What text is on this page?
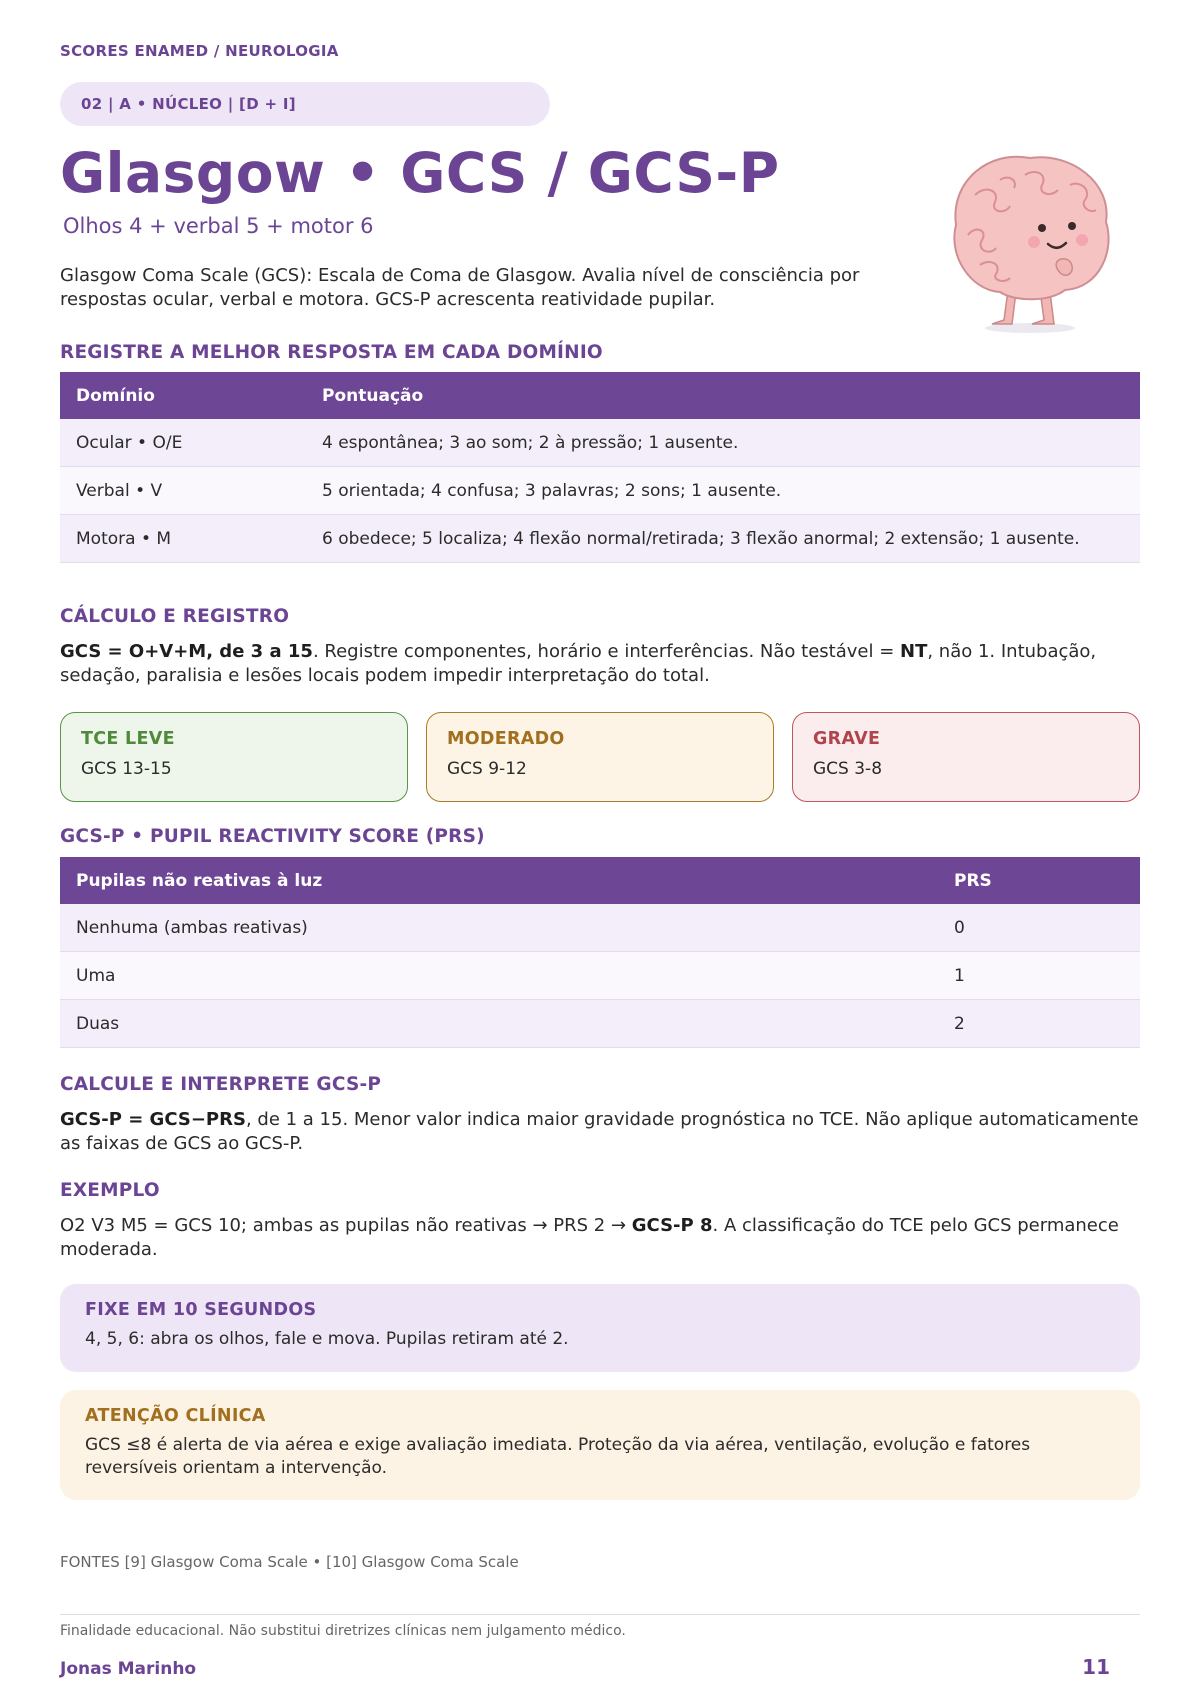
SCORES ENAMED / NEUROLOGIA
02 | A • NÚCLEO | [D + I]
Glasgow • GCS / GCS-P
Olhos 4 + verbal 5 + motor 6
Glasgow Coma Scale (GCS): Escala de Coma de Glasgow. Avalia nível de consciência por respostas ocular, verbal e motora. GCS-P acrescenta reatividade pupilar.
REGISTRE A MELHOR RESPOSTA EM CADA DOMÍNIO
Domínio	Pontuação
Ocular • O/E	4 espontânea; 3 ao som; 2 à pressão; 1 ausente.
Verbal • V	5 orientada; 4 confusa; 3 palavras; 2 sons; 1 ausente.
Motora • M	6 obedece; 5 localiza; 4 flexão normal/retirada; 3 flexão anormal; 2 extensão; 1 ausente.
CÁLCULO E REGISTRO
GCS = O+V+M, de 3 a 15. Registre componentes, horário e interferências. Não testável = NT, não 1. Intubação, sedação, paralisia e lesões locais podem impedir interpretação do total.
TCE LEVE
GCS 13-15
MODERADO
GCS 9-12
GRAVE
GCS 3-8
GCS-P • PUPIL REACTIVITY SCORE (PRS)
Pupilas não reativas à luz	PRS
Nenhuma (ambas reativas)	0
Uma	1
Duas	2
CALCULE E INTERPRETE GCS-P
GCS-P = GCS−PRS, de 1 a 15. Menor valor indica maior gravidade prognóstica no TCE. Não aplique automaticamente as faixas de GCS ao GCS-P.
EXEMPLO
O2 V3 M5 = GCS 10; ambas as pupilas não reativas → PRS 2 → GCS-P 8. A classificação do TCE pelo GCS permanece moderada.
FIXE EM 10 SEGUNDOS
4, 5, 6: abra os olhos, fale e mova. Pupilas retiram até 2.
ATENÇÃO CLÍNICA
GCS ≤8 é alerta de via aérea e exige avaliação imediata. Proteção da via aérea, ventilação, evolução e fatores reversíveis orientam a intervenção.
FONTES [9] Glasgow Coma Scale • [10] Glasgow Coma Scale
Finalidade educacional. Não substitui diretrizes clínicas nem julgamento médico.
Jonas Marinho	11
